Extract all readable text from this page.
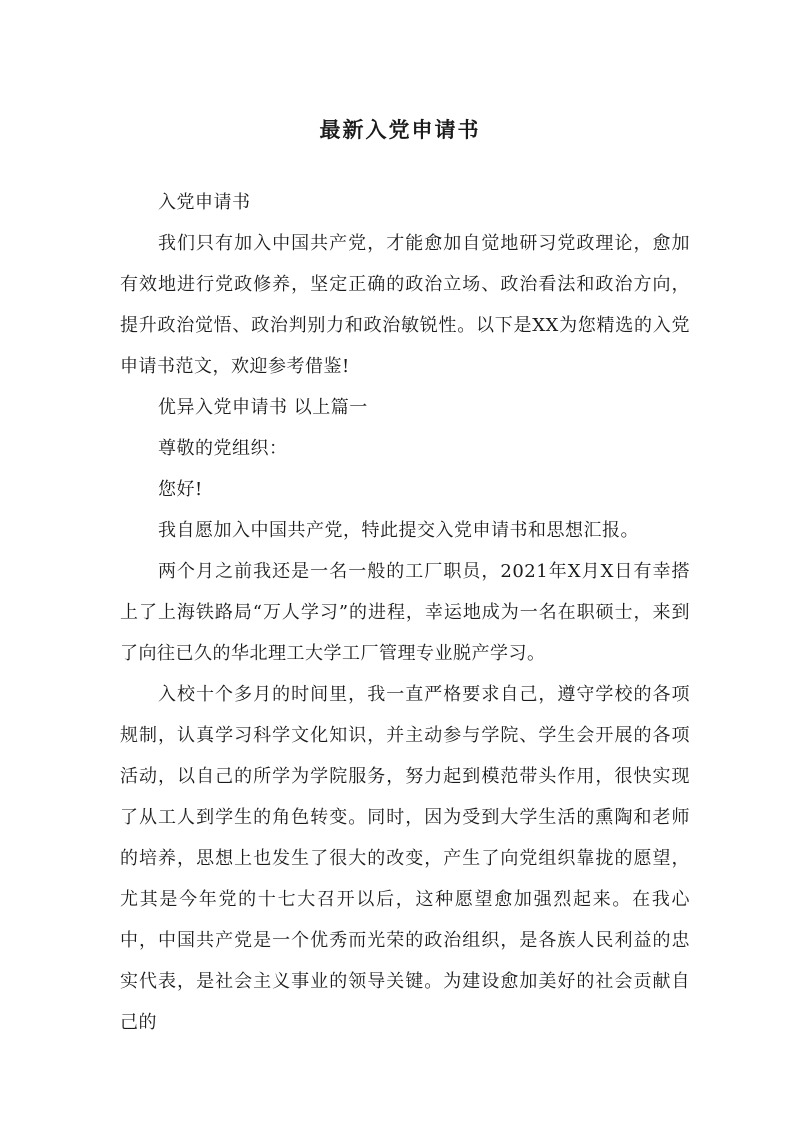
最新入党申请书

入党申请书

我们只有加入中国共产党，才能愈加自觉地研习党政理论，愈加有效地进行党政修养，坚定正确的政治立场、政治看法和政治方向，提升政治觉悟、政治判别力和政治敏锐性。以下是XX为您精选的入党申请书范文，欢迎参考借鉴!

优异入党申请书 以上篇一

尊敬的党组织：

您好!

我自愿加入中国共产党，特此提交入党申请书和思想汇报。

两个月之前我还是一名一般的工厂职员，2021年X月X日有幸搭上了上海铁路局“万人学习”的进程，幸运地成为一名在职硕士，来到了向往已久的华北理工大学工厂管理专业脱产学习。

入校十个多月的时间里，我一直严格要求自己，遵守学校的各项规制，认真学习科学文化知识，并主动参与学院、学生会开展的各项活动，以自己的所学为学院服务，努力起到模范带头作用，很快实现了从工人到学生的角色转变。同时，因为受到大学生活的熏陶和老师的培养，思想上也发生了很大的改变，产生了向党组织靠拢的愿望，尤其是今年党的十七大召开以后，这种愿望愈加强烈起来。在我心中，中国共产党是一个优秀而光荣的政治组织，是各族人民利益的忠实代表，是社会主义事业的领导关键。为建设愈加美好的社会贡献自己的
